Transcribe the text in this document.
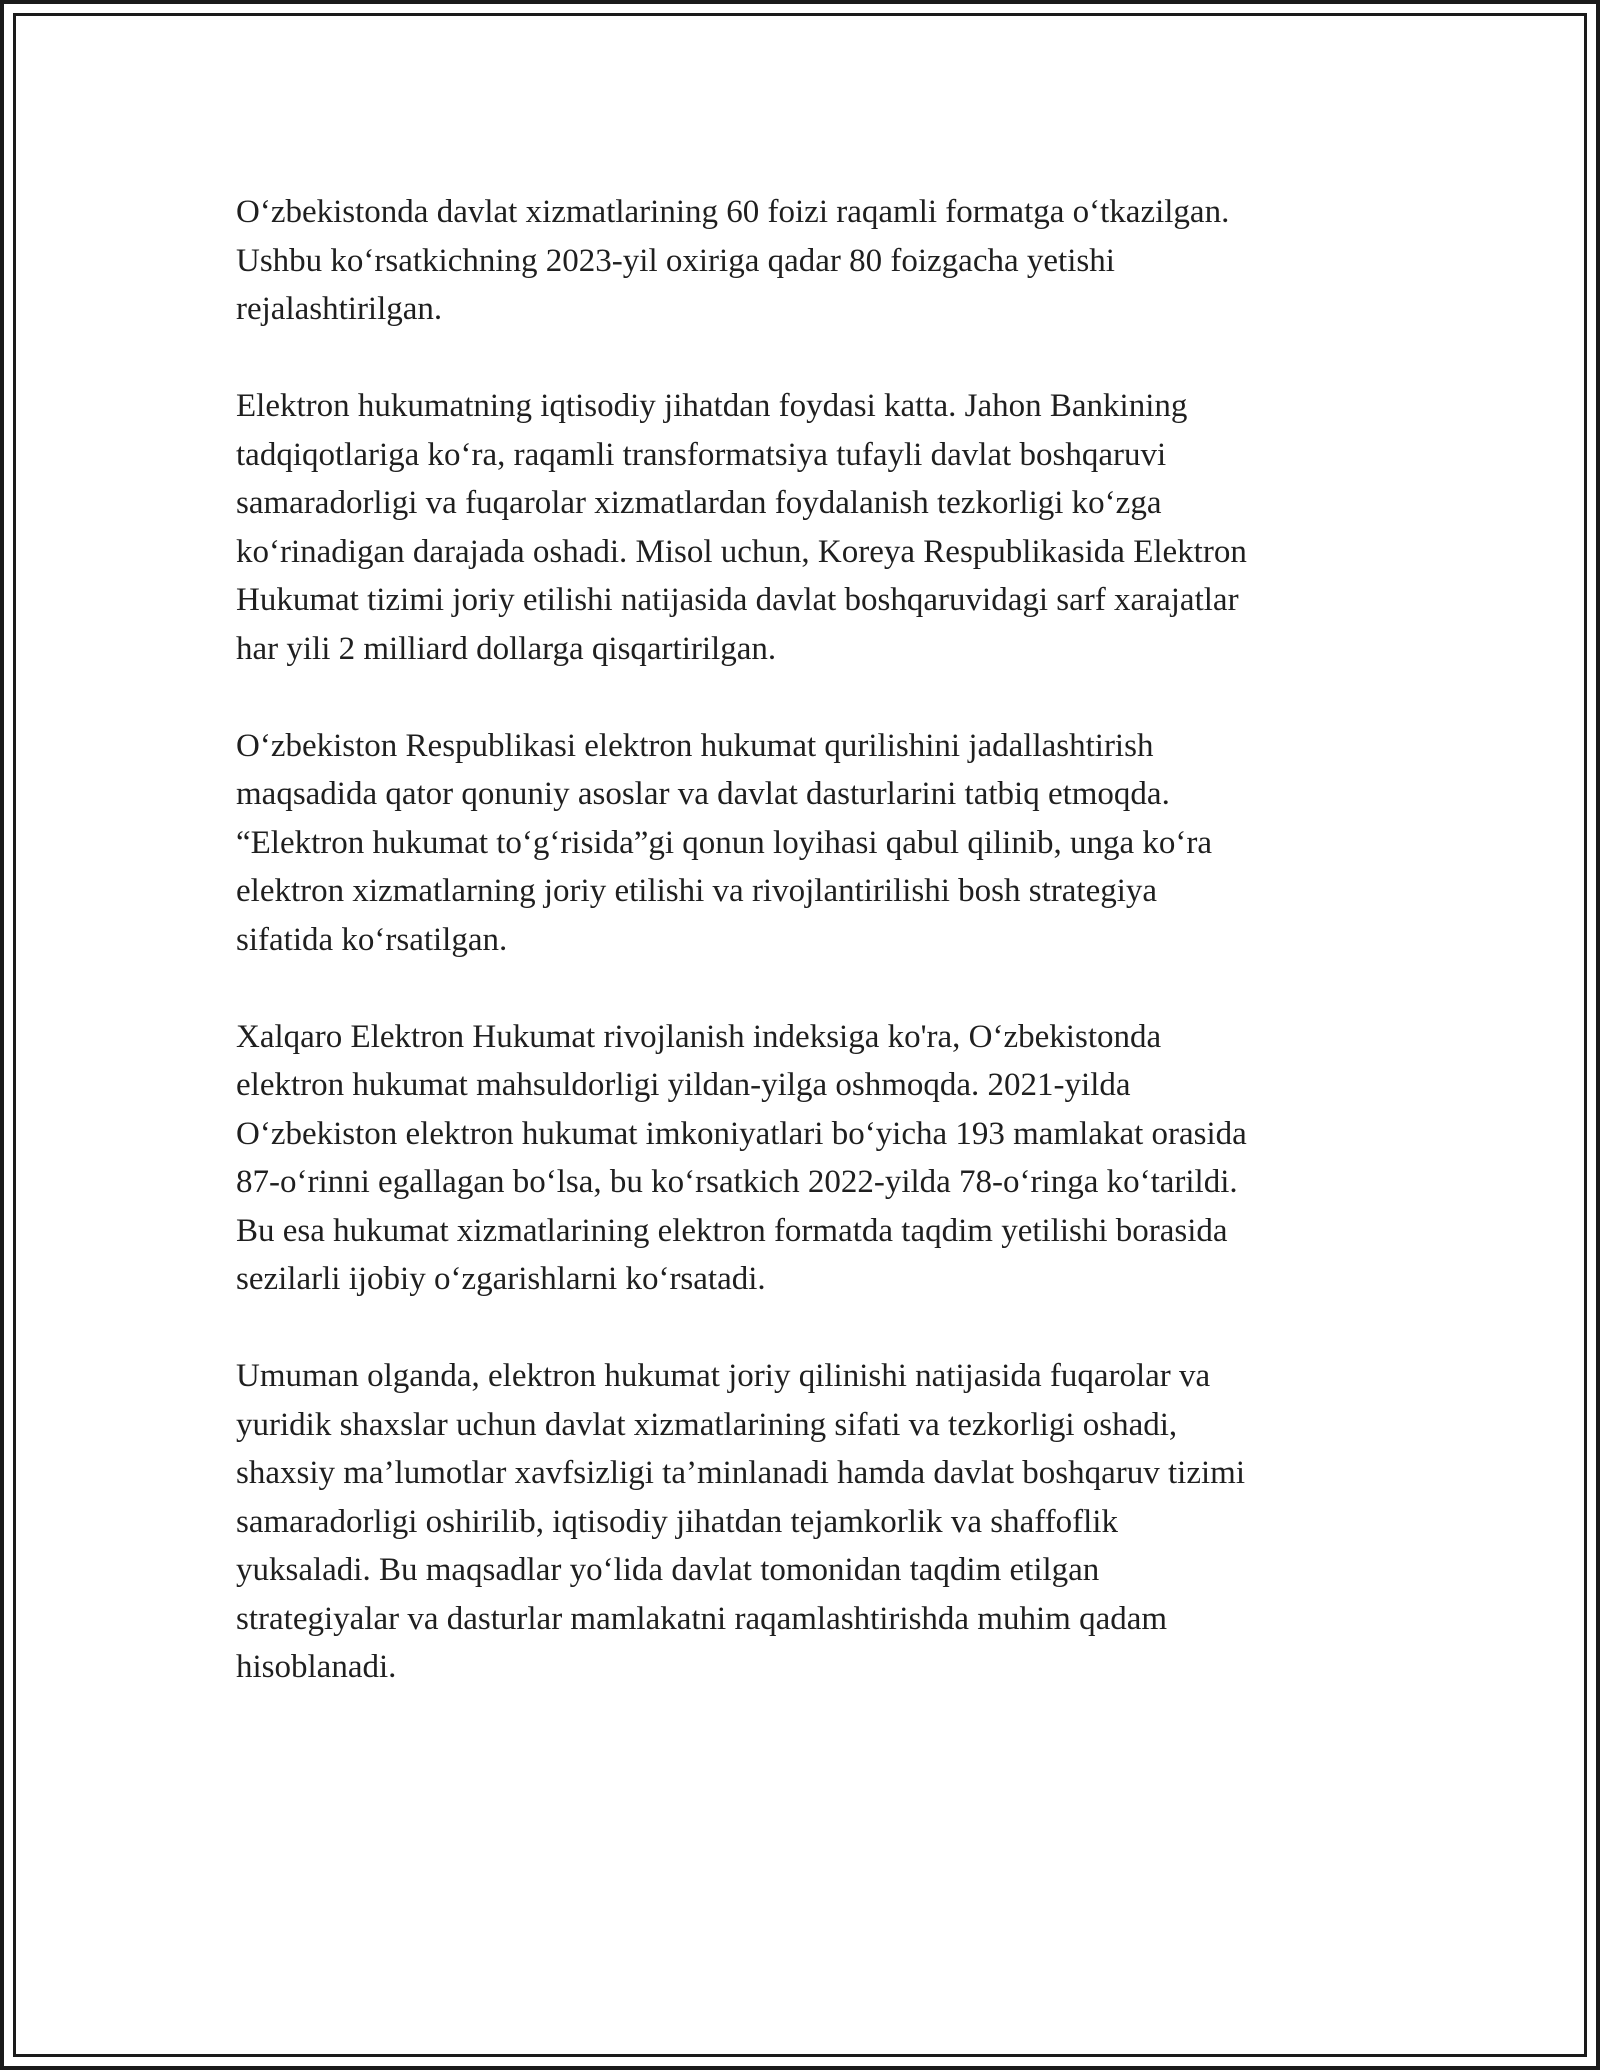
O‘zbekistonda davlat xizmatlarining 60 foizi raqamli formatga o‘tkazilgan.
Ushbu ko‘rsatkichning 2023-yil oxiriga qadar 80 foizgacha yetishi
rejalashtirilgan.

Elektron hukumatning iqtisodiy jihatdan foydasi katta. Jahon Bankining
tadqiqotlariga ko‘ra, raqamli transformatsiya tufayli davlat boshqaruvi
samaradorligi va fuqarolar xizmatlardan foydalanish tezkorligi ko‘zga
ko‘rinadigan darajada oshadi. Misol uchun, Koreya Respublikasida Elektron
Hukumat tizimi joriy etilishi natijasida davlat boshqaruvidagi sarf xarajatlar
har yili 2 milliard dollarga qisqartirilgan.

O‘zbekiston Respublikasi elektron hukumat qurilishini jadallashtirish
maqsadida qator qonuniy asoslar va davlat dasturlarini tatbiq etmoqda.
“Elektron hukumat to‘g‘risida”gi qonun loyihasi qabul qilinib, unga ko‘ra
elektron xizmatlarning joriy etilishi va rivojlantirilishi bosh strategiya
sifatida ko‘rsatilgan.

Xalqaro Elektron Hukumat rivojlanish indeksiga ko'ra, O‘zbekistonda
elektron hukumat mahsuldorligi yildan-yilga oshmoqda. 2021-yilda
O‘zbekiston elektron hukumat imkoniyatlari bo‘yicha 193 mamlakat orasida
87-o‘rinni egallagan bo‘lsa, bu ko‘rsatkich 2022-yilda 78-o‘ringa ko‘tarildi.
Bu esa hukumat xizmatlarining elektron formatda taqdim yetilishi borasida
sezilarli ijobiy o‘zgarishlarni ko‘rsatadi.

Umuman olganda, elektron hukumat joriy qilinishi natijasida fuqarolar va
yuridik shaxslar uchun davlat xizmatlarining sifati va tezkorligi oshadi,
shaxsiy ma’lumotlar xavfsizligi ta’minlanadi hamda davlat boshqaruv tizimi
samaradorligi oshirilib, iqtisodiy jihatdan tejamkorlik va shaffoflik
yuksaladi. Bu maqsadlar yo‘lida davlat tomonidan taqdim etilgan
strategiyalar va dasturlar mamlakatni raqamlashtirishda muhim qadam
hisoblanadi.
